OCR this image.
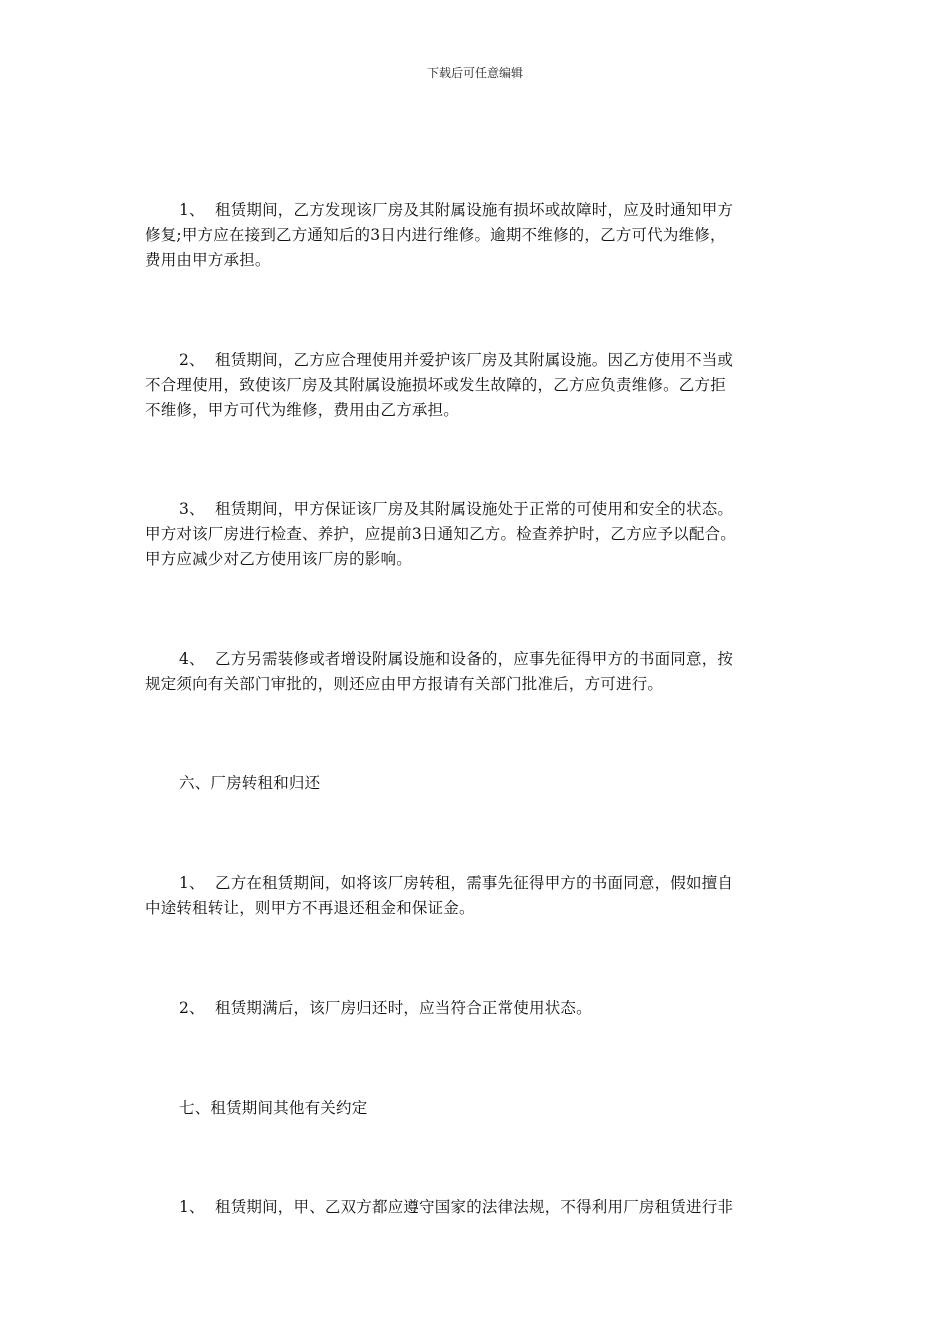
下载后可任意编辑
1、 租赁期间，乙方发现该厂房及其附属设施有损坏或故障时，应及时通知甲方
修复;甲方应在接到乙方通知后的3日内进行维修。逾期不维修的，乙方可代为维修，
费用由甲方承担。
2、 租赁期间，乙方应合理使用并爱护该厂房及其附属设施。因乙方使用不当或
不合理使用，致使该厂房及其附属设施损坏或发生故障的，乙方应负责维修。乙方拒
不维修，甲方可代为维修，费用由乙方承担。
3、 租赁期间，甲方保证该厂房及其附属设施处于正常的可使用和安全的状态。
甲方对该厂房进行检查、养护，应提前3日通知乙方。检查养护时，乙方应予以配合。
甲方应减少对乙方使用该厂房的影响。
4、 乙方另需装修或者增设附属设施和设备的，应事先征得甲方的书面同意，按
规定须向有关部门审批的，则还应由甲方报请有关部门批准后，方可进行。
六、厂房转租和归还
1、 乙方在租赁期间，如将该厂房转租，需事先征得甲方的书面同意，假如擅自
中途转租转让，则甲方不再退还租金和保证金。
2、 租赁期满后，该厂房归还时，应当符合正常使用状态。
七、租赁期间其他有关约定
1、 租赁期间，甲、乙双方都应遵守国家的法律法规，不得利用厂房租赁进行非
